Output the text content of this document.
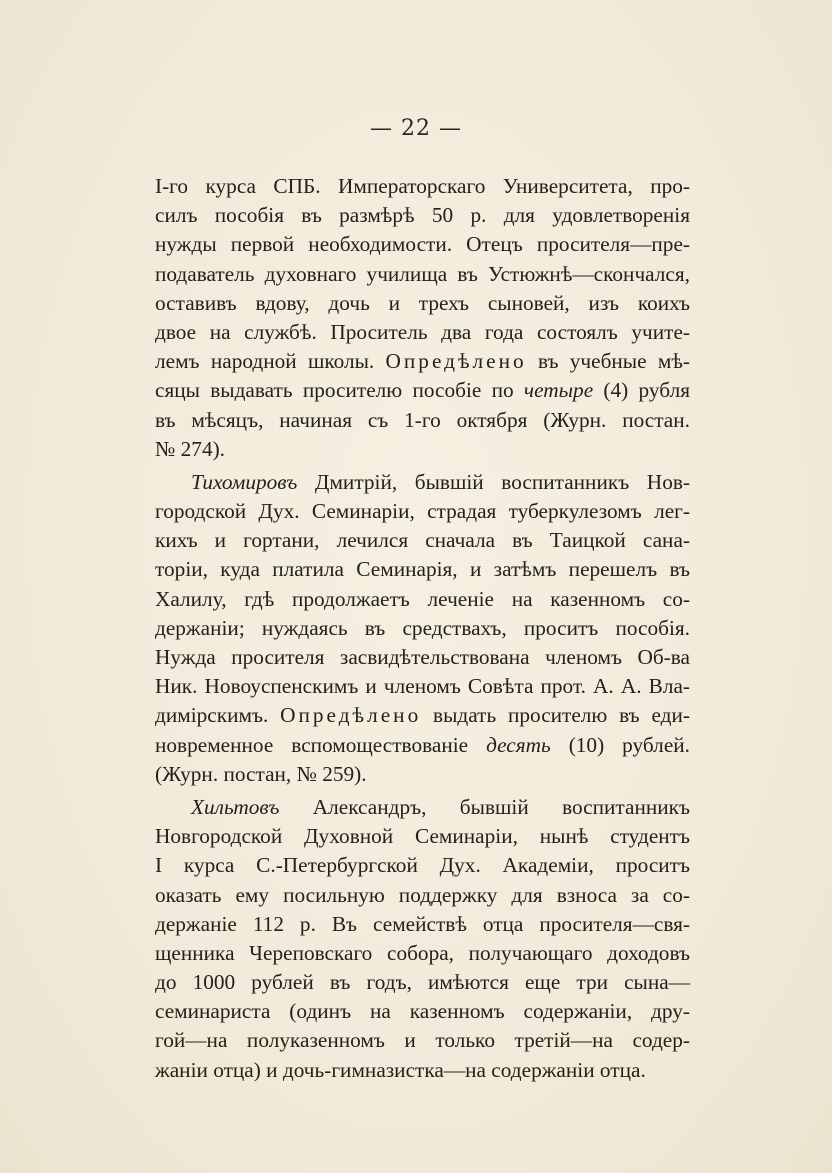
— 22 —
I-го курса СПБ. Императорскаго Университета, про-
силъ пособія въ размѣрѣ 50 р. для удовлетворенія
нужды первой необходимости. Отецъ просителя—пре-
подаватель духовнаго училища въ Устюжнѣ—скончался,
оставивъ вдову, дочь и трехъ сыновей, изъ коихъ
двое на службѣ. Проситель два года состоялъ учите-
лемъ народной школы. Опредѣлено въ учебные мѣ-
сяцы выдавать просителю пособіе по четыре (4) рубля
въ мѣсяцъ, начиная съ 1-го октября (Журн. постан.
№ 274).
Тихомировъ Дмитрій, бывшій воспитанникъ Нов-
городской Дух. Семинаріи, страдая туберкулезомъ лег-
кихъ и гортани, лечился сначала въ Таицкой сана-
торіи, куда платила Семинарія, и затѣмъ перешелъ въ
Халилу, гдѣ продолжаетъ леченіе на казенномъ со-
держаніи; нуждаясь въ средствахъ, проситъ пособія.
Нужда просителя засвидѣтельствована членомъ Об-ва
Ник. Новоуспенскимъ и членомъ Совѣта прот. А. А. Вла-
димірскимъ. Опредѣлено выдать просителю въ еди-
новременное вспомоществованіе десять (10) рублей.
(Журн. постан, № 259).
Хильтовъ Александръ, бывшій воспитанникъ
Новгородской Духовной Семинаріи, нынѣ студентъ
I курса С.-Петербургской Дух. Академіи, проситъ
оказать ему посильную поддержку для взноса за со-
держаніе 112 р. Въ семействѣ отца просителя—свя-
щенника Череповскаго собора, получающаго доходовъ
до 1000 рублей въ годъ, имѣются еще три сына—
семинариста (одинъ на казенномъ содержаніи, дру-
гой—на полуказенномъ и только третій—на содер-
жаніи отца) и дочь-гимназистка—на содержаніи отца.
